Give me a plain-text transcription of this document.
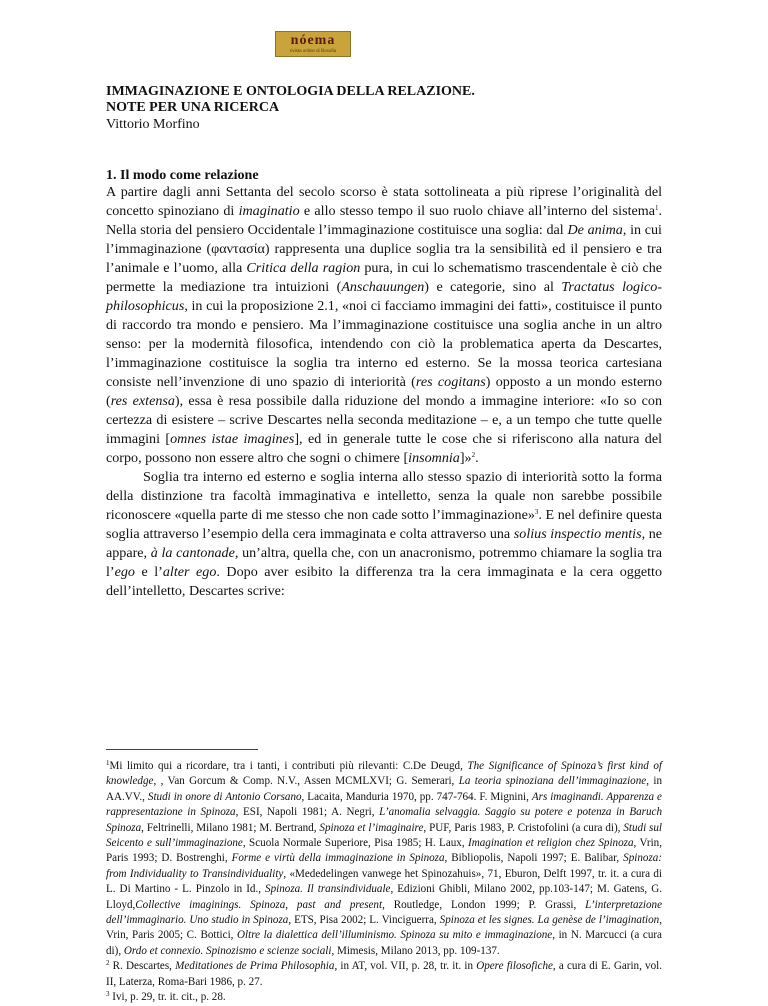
nóema
rivista online di filosofia
IMMAGINAZIONE E ONTOLOGIA DELLA RELAZIONE.
NOTE PER UNA RICERCA
Vittorio Morfino
1. Il modo come relazione

A partire dagli anni Settanta del secolo scorso è stata sottolineata a più riprese l’originalità del concetto spinoziano di imaginatio e allo stesso tempo il suo ruolo chiave all’interno del sistema$^1$. Nella storia del pensiero Occidentale l’immaginazione costituisce una soglia: dal De anima, in cui l’immaginazione (φαντασία) rappresenta una duplice soglia tra la sensibilità ed il pensiero e tra l’animale e l’uomo, alla Critica della ragion pura, in cui lo schematismo trascendentale è ciò che permette la mediazione tra intuizioni (Anschauungen) e categorie, sino al Tractatus logico-philosophicus, in cui la proposizione 2.1, «noi ci facciamo immagini dei fatti», costituisce il punto di raccordo tra mondo e pensiero. Ma l’immaginazione costituisce una soglia anche in un altro senso: per la modernità filosofica, intendendo con ciò la problematica aperta da Descartes, l’immaginazione costituisce la soglia tra interno ed esterno. Se la mossa teorica cartesiana consiste nell’invenzione di uno spazio di interiorità (res cogitans) opposto a un mondo esterno (res extensa), essa è resa possibile dalla riduzione del mondo a immagine interiore: «Io so con certezza di esistere – scrive Descartes nella seconda meditazione – e, a un tempo che tutte quelle immagini [omnes istae imagines], ed in generale tutte le cose che si riferiscono alla natura del corpo, possono non essere altro che sogni o chimere [insomnia]»$^2$.

Soglia tra interno ed esterno e soglia interna allo stesso spazio di interiorità sotto la forma della distinzione tra facoltà immaginativa e intelletto, senza la quale non sarebbe possibile riconoscere «quella parte di me stesso che non cade sotto l’immaginazione»$^3$. E nel definire questa soglia attraverso l’esempio della cera immaginata e colta attraverso una solius inspectio mentis, ne appare, à la cantonade, un’altra, quella che, con un anacronismo, potremmo chiamare la soglia tra l’ego e l’alter ego. Dopo aver esibito la differenza tra la cera immaginata e la cera oggetto dell’intelletto, Descartes scrive:

$^1$Mi limito qui a ricordare, tra i tanti, i contributi più rilevanti: C.De Deugd, The Significance of Spinoza’s first kind of knowledge, , Van Gorcum & Comp. N.V., Assen MCMLXVI; G. Semerari, La teoria spinoziana dell’immaginazione, in AA.VV., Studi in onore di Antonio Corsano, Lacaita, Manduria 1970, pp. 747-764. F. Mignini, Ars imaginandi. Apparenza e rappresentazione in Spinoza, ESI, Napoli 1981; A. Negri, L’anomalia selvaggia. Saggio su potere e potenza in Baruch Spinoza, Feltrinelli, Milano 1981; M. Bertrand, Spinoza et l’imaginaire, PUF, Paris 1983, P. Cristofolini (a cura di), Studi sul Seicento e sull’immaginazione, Scuola Normale Superiore, Pisa 1985; H. Laux, Imagination et religion chez Spinoza, Vrin, Paris 1993; D. Bostrenghi, Forme e virtù della immaginazione in Spinoza, Bibliopolis, Napoli 1997; E. Balibar, Spinoza: from Individuality to Transindividuality, «Mededelingen vanwege het Spinozahuis», 71, Eburon, Delft 1997, tr. it. a cura di L. Di Martino - L. Pinzolo in Id., Spinoza. Il transindividuale, Edizioni Ghibli, Milano 2002, pp.103-147; M. Gatens, G. Lloyd,Collective imaginings. Spinoza, past and present, Routledge, London 1999; P. Grassi, L’interpretazione dell’immaginario. Uno studio in Spinoza, ETS, Pisa 2002; L. Vinciguerra, Spinoza et les signes. La genèse de l’imagination, Vrin, Paris 2005; C. Bottici, Oltre la dialettica dell’illuminismo. Spinoza su mito e immaginazione, in N. Marcucci (a cura di), Ordo et connexio. Spinozismo e scienze sociali, Mimesis, Milano 2013, pp. 109-137.

$^2$ R. Descartes, Meditationes de Prima Philosophia, in AT, vol. VII, p. 28, tr. it. in Opere filosofiche, a cura di E. Garin, vol. II, Laterza, Roma-Bari 1986, p. 27.

$^3$ Ivi, p. 29, tr. it. cit., p. 28.
